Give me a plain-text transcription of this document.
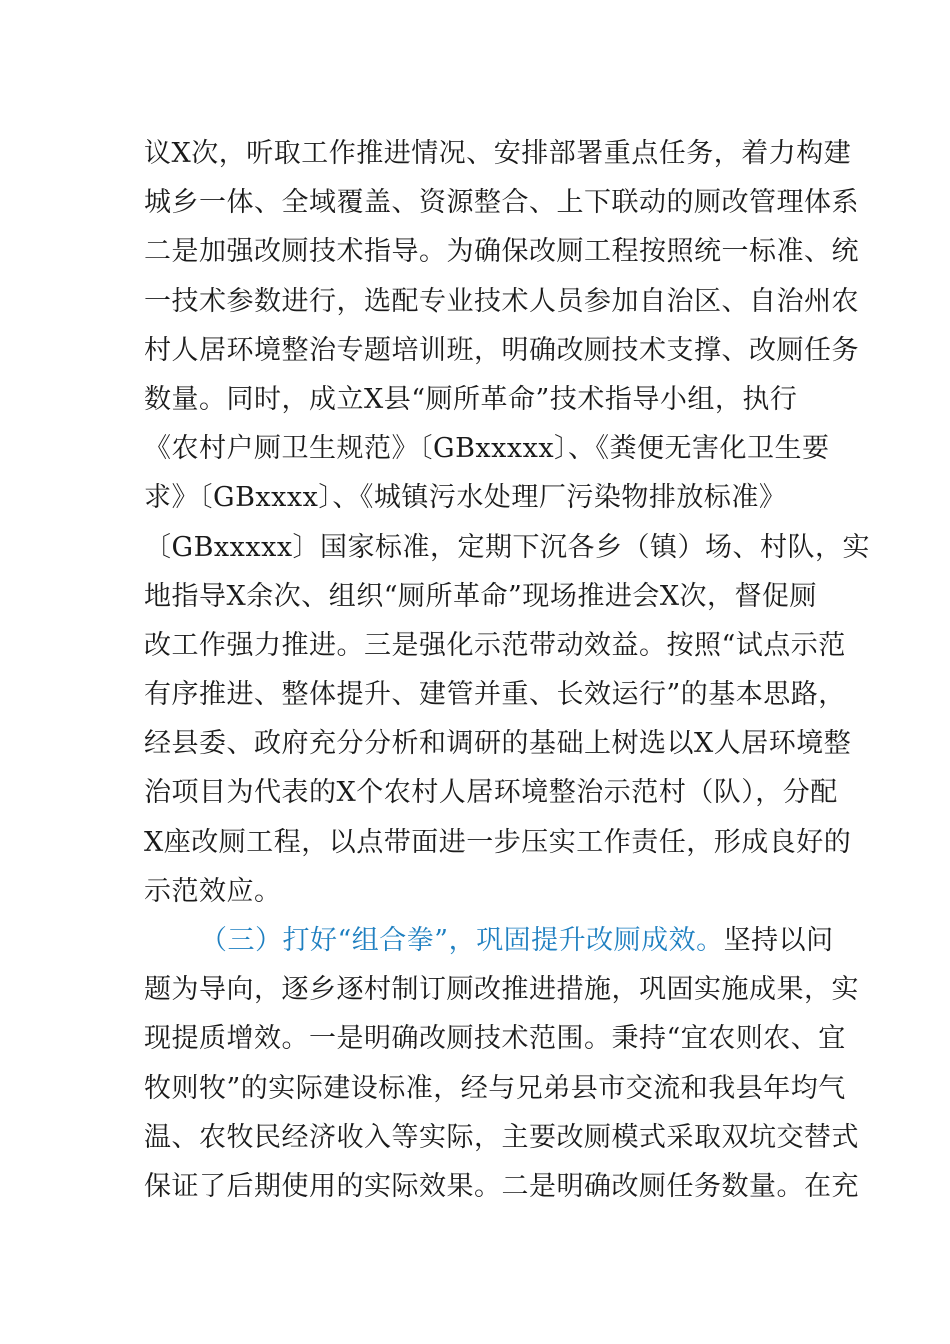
议X次，听取工作推进情况、安排部署重点任务，着力构建
城乡一体、全域覆盖、资源整合、上下联动的厕改管理体系
二是加强改厕技术指导。为确保改厕工程按照统一标准、统
一技术参数进行，选配专业技术人员参加自治区、自治州农
村人居环境整治专题培训班，明确改厕技术支撑、改厕任务
数量。同时，成立X县“厕所革命”技术指导小组，执行
《农村户厕卫生规范》〔GBxxxxx〕、《粪便无害化卫生要
求》〔GBxxxx〕、《城镇污水处理厂污染物排放标准》
〔GBxxxxx〕国家标准，定期下沉各乡（镇）场、村队，实
地指导X余次、组织“厕所革命”现场推进会X次，督促厕
改工作强力推进。三是强化示范带动效益。按照“试点示范
有序推进、整体提升、建管并重、长效运行”的基本思路，
经县委、政府充分分析和调研的基础上树选以X人居环境整
治项目为代表的X个农村人居环境整治示范村（队），分配
X座改厕工程，以点带面进一步压实工作责任，形成良好的
示范效应。
（三）打好“组合拳”，巩固提升改厕成效。坚持以问
题为导向，逐乡逐村制订厕改推进措施，巩固实施成果，实
现提质增效。一是明确改厕技术范围。秉持“宜农则农、宜
牧则牧”的实际建设标准，经与兄弟县市交流和我县年均气
温、农牧民经济收入等实际，主要改厕模式采取双坑交替式
保证了后期使用的实际效果。二是明确改厕任务数量。在充
